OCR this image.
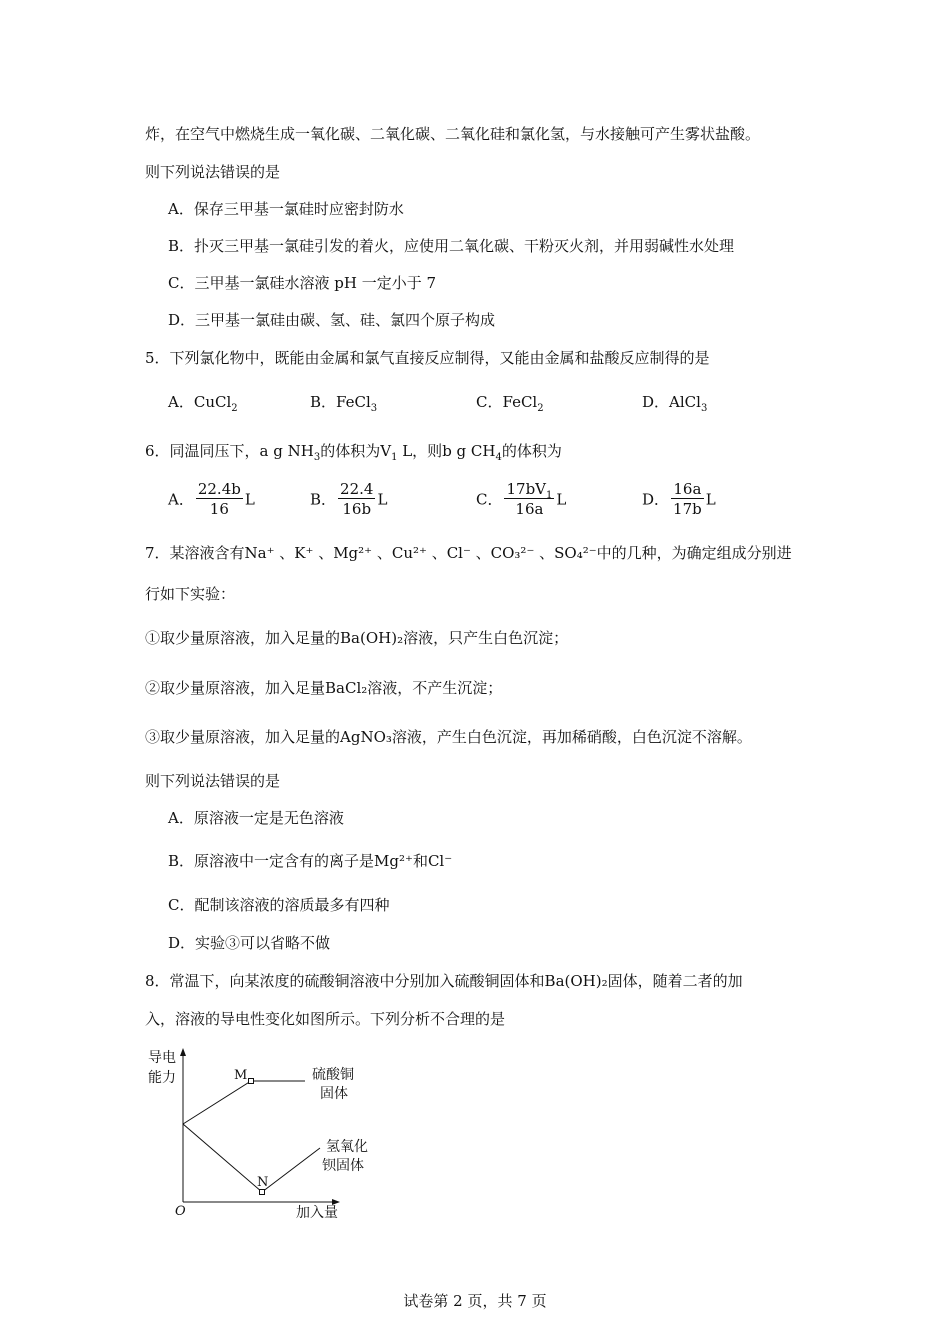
炸，在空气中燃烧生成一氧化碳、二氧化碳、二氧化硅和氯化氢，与水接触可产生雾状盐酸。
则下列说法错误的是
A．保存三甲基一氯硅时应密封防水
B．扑灭三甲基一氯硅引发的着火，应使用二氧化碳、干粉灭火剂，并用弱碱性水处理
C．三甲基一氯硅水溶液 pH 一定小于 7
D．三甲基一氯硅由碳、氢、硅、氯四个原子构成
5．下列氯化物中，既能由金属和氯气直接反应制得，又能由金属和盐酸反应制得的是
A．CuCl$_2$	B．FeCl$_3$	C．FeCl$_2$	D．AlCl$_3$
6．同温同压下，a g $NH_3$的体积为$V_1$ L，则b g $CH_4$的体积为
A． $\frac{22.4b}{16}$ L	B． $\frac{22.4}{16b}$ L	C． $\frac{17bV_1}{16a}$ L	D． $\frac{16a}{17b}$ L
7．某溶液含有Na⁺ 、K⁺ 、Mg²⁺ 、Cu²⁺ 、Cl⁻ 、CO₃²⁻ 、SO₄²⁻中的几种，为确定组成分别进
行如下实验：
①取少量原溶液，加入足量的Ba(OH)₂溶液，只产生白色沉淀；
②取少量原溶液，加入足量BaCl₂溶液，不产生沉淀；
③取少量原溶液，加入足量的AgNO₃溶液，产生白色沉淀，再加稀硝酸，白色沉淀不溶解。
则下列说法错误的是
A．原溶液一定是无色溶液
B．原溶液中一定含有的离子是Mg²⁺和Cl⁻
C．配制该溶液的溶质最多有四种
D．实验③可以省略不做
8．常温下，向某浓度的硫酸铜溶液中分别加入硫酸铜固体和Ba(OH)₂固体，随着二者的加
入，溶液的导电性变化如图所示。下列分析不合理的是
导电
能力
O	加入量
M
N
硫酸铜
固体
氢氧化
钡固体
试卷第 2 页，共 7 页
